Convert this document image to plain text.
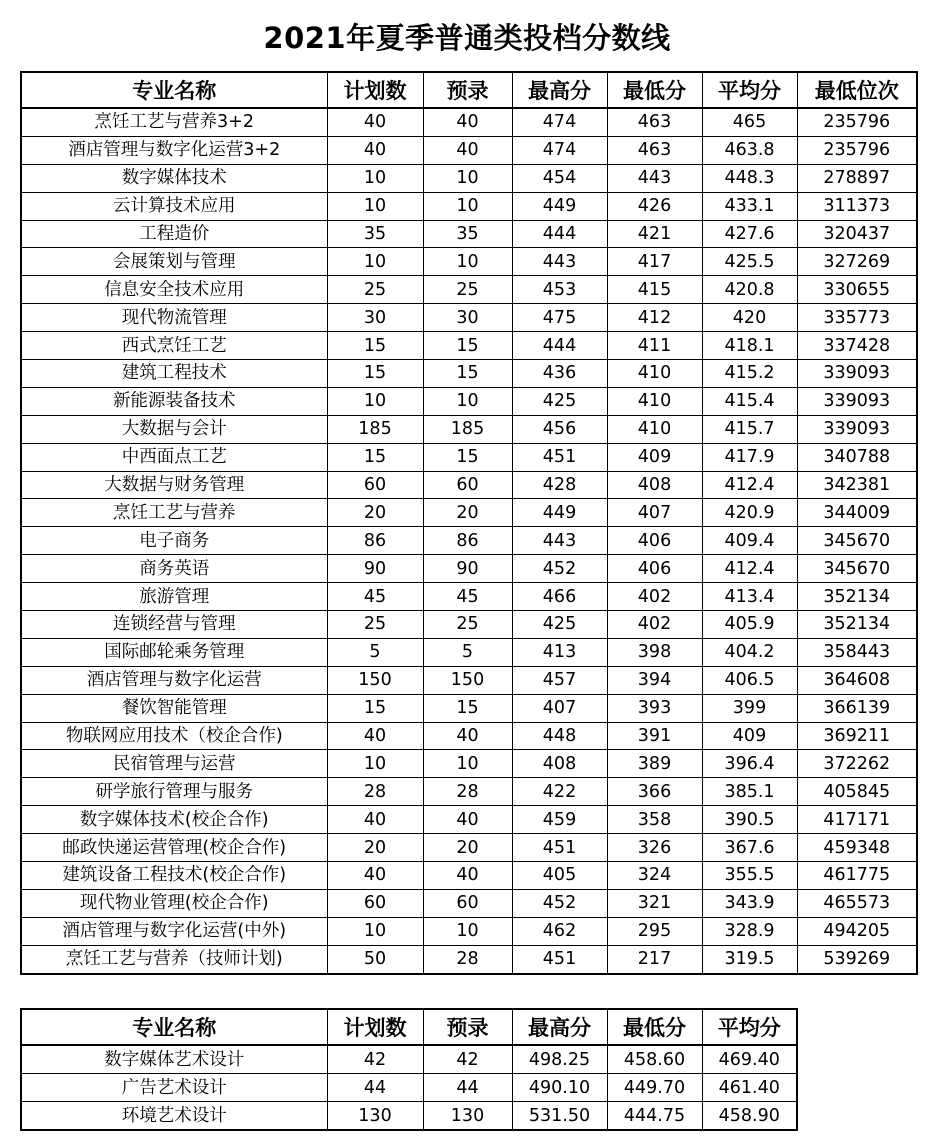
2021年夏季普通类投档分数线
专业名称	计划数	预录	最高分	最低分	平均分	最低位次
烹饪工艺与营养3+2	40	40	474	463	465	235796
酒店管理与数字化运营3+2	40	40	474	463	463.8	235796
数字媒体技术	10	10	454	443	448.3	278897
云计算技术应用	10	10	449	426	433.1	311373
工程造价	35	35	444	421	427.6	320437
会展策划与管理	10	10	443	417	425.5	327269
信息安全技术应用	25	25	453	415	420.8	330655
现代物流管理	30	30	475	412	420	335773
西式烹饪工艺	15	15	444	411	418.1	337428
建筑工程技术	15	15	436	410	415.2	339093
新能源装备技术	10	10	425	410	415.4	339093
大数据与会计	185	185	456	410	415.7	339093
中西面点工艺	15	15	451	409	417.9	340788
大数据与财务管理	60	60	428	408	412.4	342381
烹饪工艺与营养	20	20	449	407	420.9	344009
电子商务	86	86	443	406	409.4	345670
商务英语	90	90	452	406	412.4	345670
旅游管理	45	45	466	402	413.4	352134
连锁经营与管理	25	25	425	402	405.9	352134
国际邮轮乘务管理	5	5	413	398	404.2	358443
酒店管理与数字化运营	150	150	457	394	406.5	364608
餐饮智能管理	15	15	407	393	399	366139
物联网应用技术（校企合作)	40	40	448	391	409	369211
民宿管理与运营	10	10	408	389	396.4	372262
研学旅行管理与服务	28	28	422	366	385.1	405845
数字媒体技术(校企合作)	40	40	459	358	390.5	417171
邮政快递运营管理(校企合作)	20	20	451	326	367.6	459348
建筑设备工程技术(校企合作)	40	40	405	324	355.5	461775
现代物业管理(校企合作)	60	60	452	321	343.9	465573
酒店管理与数字化运营(中外)	10	10	462	295	328.9	494205
烹饪工艺与营养（技师计划)	50	28	451	217	319.5	539269
专业名称	计划数	预录	最高分	最低分	平均分
数字媒体艺术设计	42	42	498.25	458.60	469.40
广告艺术设计	44	44	490.10	449.70	461.40
环境艺术设计	130	130	531.50	444.75	458.90
